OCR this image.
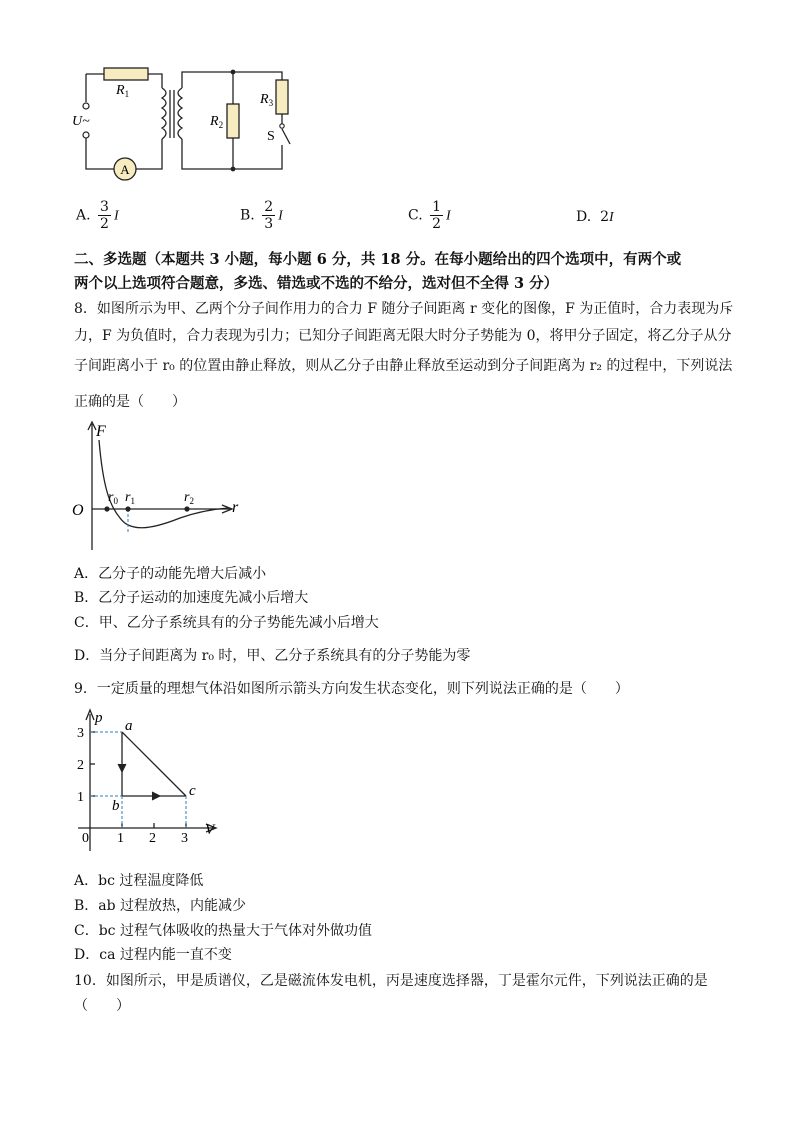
A
$R_1$
U~	$R_2$
$R_3$
S
A. $\frac{3}{2}$ I	B. $\frac{2}{3}$ I	C. $\frac{1}{2}$ I	D. 2I
二、多选题（本题共 3 小题，每小题 6 分，共 18 分。在每小题给出的四个选项中，有两个或
两个以上选项符合题意，多选、错选或不选的不给分，选对但不全得 3 分）
8．如图所示为甲、乙两个分子间作用力的合力 F 随分子间距离 r 变化的图像，F 为正值时，合力表现为斥
力，F 为负值时，合力表现为引力；已知分子间距离无限大时分子势能为 0，将甲分子固定，将乙分子从分
子间距离小于 r₀ 的位置由静止释放，则从乙分子由静止释放至运动到分子间距离为 r₂ 的过程中，下列说法
正确的是（　　）
F
r
O
$r_0$ $r_1$	$r_2$
A．乙分子的动能先增大后减小
B．乙分子运动的加速度先减小后增大
C．甲、乙分子系统具有的分子势能先减小后增大
D．当分子间距离为 r₀ 时，甲、乙分子系统具有的分子势能为零
9．一定质量的理想气体沿如图所示箭头方向发生状态变化，则下列说法正确的是（　　）
p
V
0 1 2 3
1
2
3	a
b
c
A．bc 过程温度降低
B．ab 过程放热，内能减少
C．bc 过程气体吸收的热量大于气体对外做功值
D．ca 过程内能一直不变
10．如图所示，甲是质谱仪，乙是磁流体发电机，丙是速度选择器，丁是霍尔元件，下列说法正确的是
（　　）
